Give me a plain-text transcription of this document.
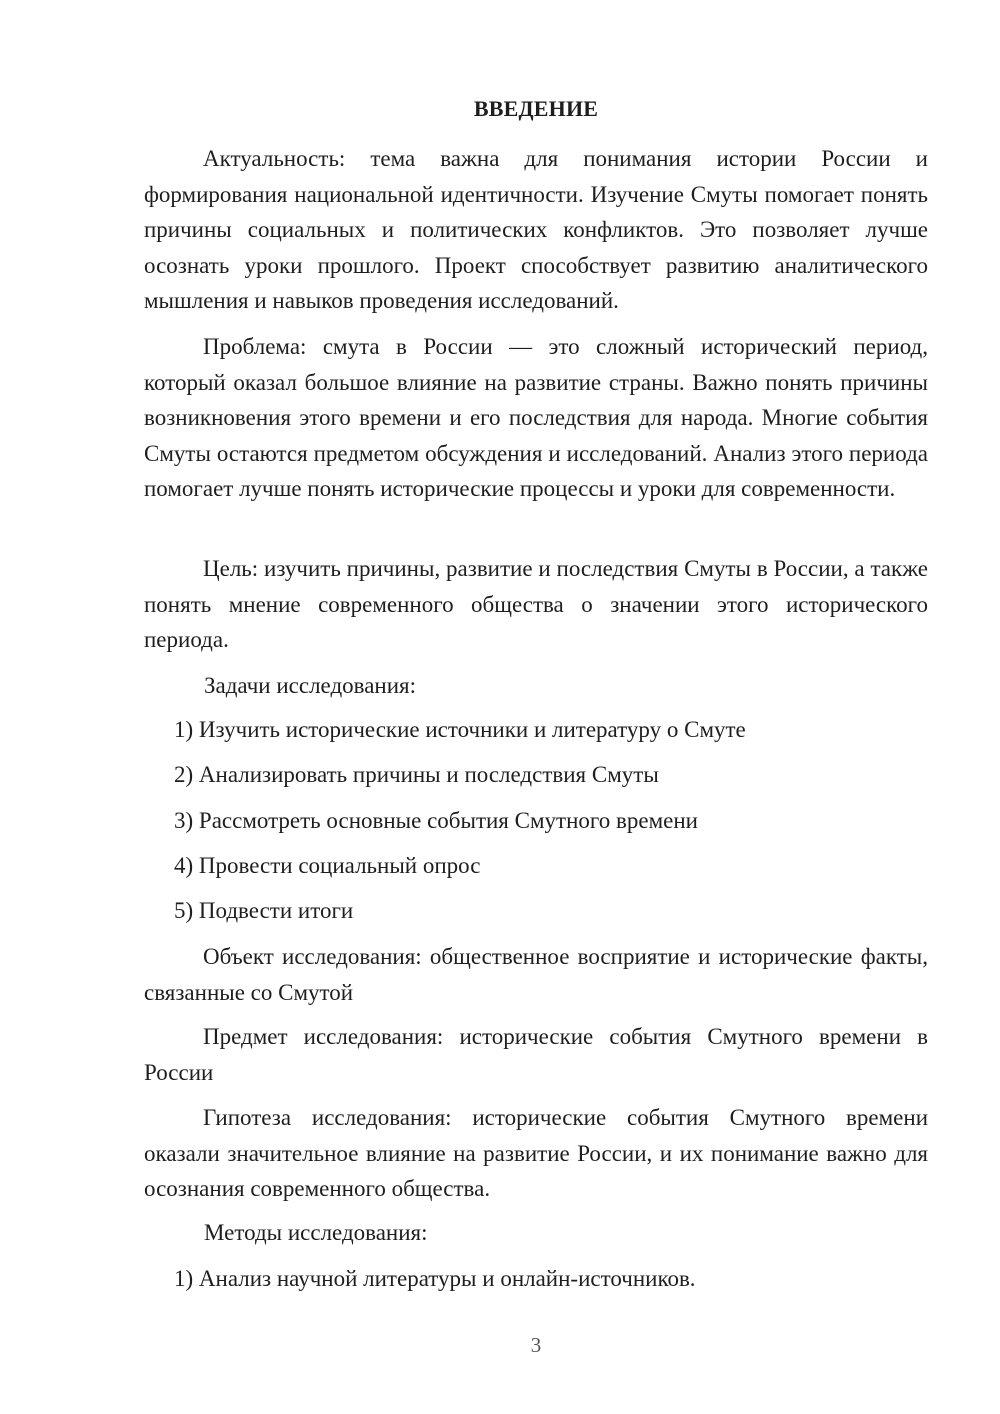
ВВЕДЕНИЕ
Актуальность: тема важна для понимания истории России и формирования национальной идентичности. Изучение Смуты помогает понять причины социальных и политических конфликтов. Это позволяет лучше осознать уроки прошлого. Проект способствует развитию аналитического мышления и навыков проведения исследований.
Проблема: смута в России — это сложный исторический период, который оказал большое влияние на развитие страны. Важно понять причины возникновения этого времени и его последствия для народа. Многие события Смуты остаются предметом обсуждения и исследований. Анализ этого периода помогает лучше понять исторические процессы и уроки для современности.
Цель: изучить причины, развитие и последствия Смуты в России, а также понять мнение современного общества о значении этого исторического периода.
Задачи исследования:
1) Изучить исторические источники и литературу о Смуте
2) Анализировать причины и последствия Смуты
3) Рассмотреть основные события Смутного времени
4) Провести социальный опрос
5) Подвести итоги
Объект исследования: общественное восприятие и исторические факты, связанные со Смутой
Предмет исследования: исторические события Смутного времени в России
Гипотеза исследования: исторические события Смутного времени оказали значительное влияние на развитие России, и их понимание важно для осознания современного общества.
Методы исследования:
1) Анализ научной литературы и онлайн-источников.
3
